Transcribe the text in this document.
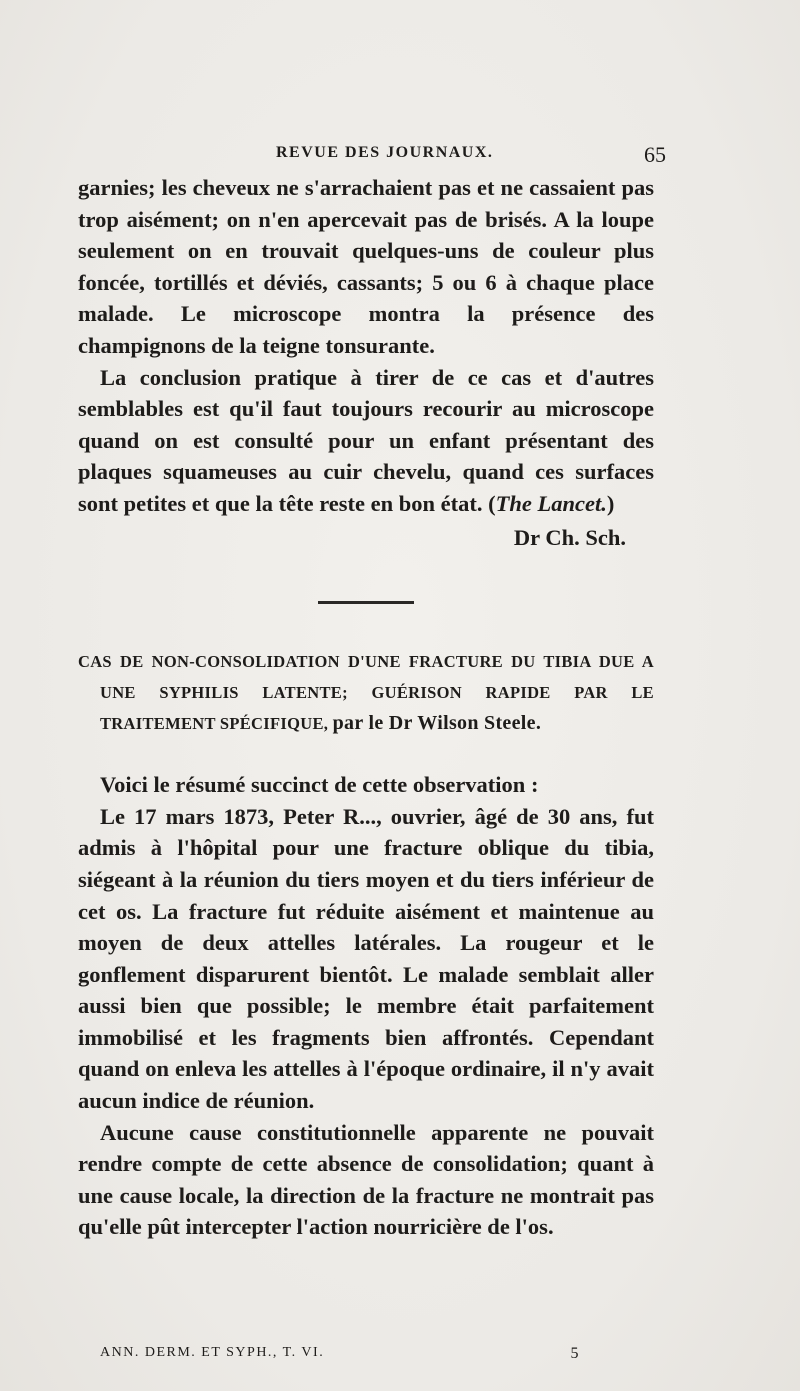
REVUE DES JOURNAUX.	65

garnies; les cheveux ne s'arrachaient pas et ne cassaient pas trop aisément; on n'en apercevait pas de brisés. A la loupe seulement on en trouvait quelques-uns de couleur plus foncée, tortillés et déviés, cassants; 5 ou 6 à chaque place malade. Le microscope montra la présence des champignons de la teigne tonsurante.

La conclusion pratique à tirer de ce cas et d'autres semblables est qu'il faut toujours recourir au microscope quand on est consulté pour un enfant présentant des plaques squameuses au cuir chevelu, quand ces surfaces sont petites et que la tête reste en bon état. (The Lancet.)

Dr Ch. Sch.

CAS DE NON-CONSOLIDATION D'UNE FRACTURE DU TIBIA DUE A UNE SYPHILIS LATENTE; GUÉRISON RAPIDE PAR LE TRAITEMENT SPÉCIFIQUE, par le Dr Wilson Steele.

Voici le résumé succinct de cette observation :

Le 17 mars 1873, Peter R..., ouvrier, âgé de 30 ans, fut admis à l'hôpital pour une fracture oblique du tibia, siégeant à la réunion du tiers moyen et du tiers inférieur de cet os. La fracture fut réduite aisément et maintenue au moyen de deux attelles latérales. La rougeur et le gonflement disparurent bientôt. Le malade semblait aller aussi bien que possible; le membre était parfaitement immobilisé et les fragments bien affrontés. Cependant quand on enleva les attelles à l'époque ordinaire, il n'y avait aucun indice de réunion.

Aucune cause constitutionnelle apparente ne pouvait rendre compte de cette absence de consolidation; quant à une cause locale, la direction de la fracture ne montrait pas qu'elle pût intercepter l'action nourricière de l'os.

ANN. DERM. ET SYPH., T. VI.	5
